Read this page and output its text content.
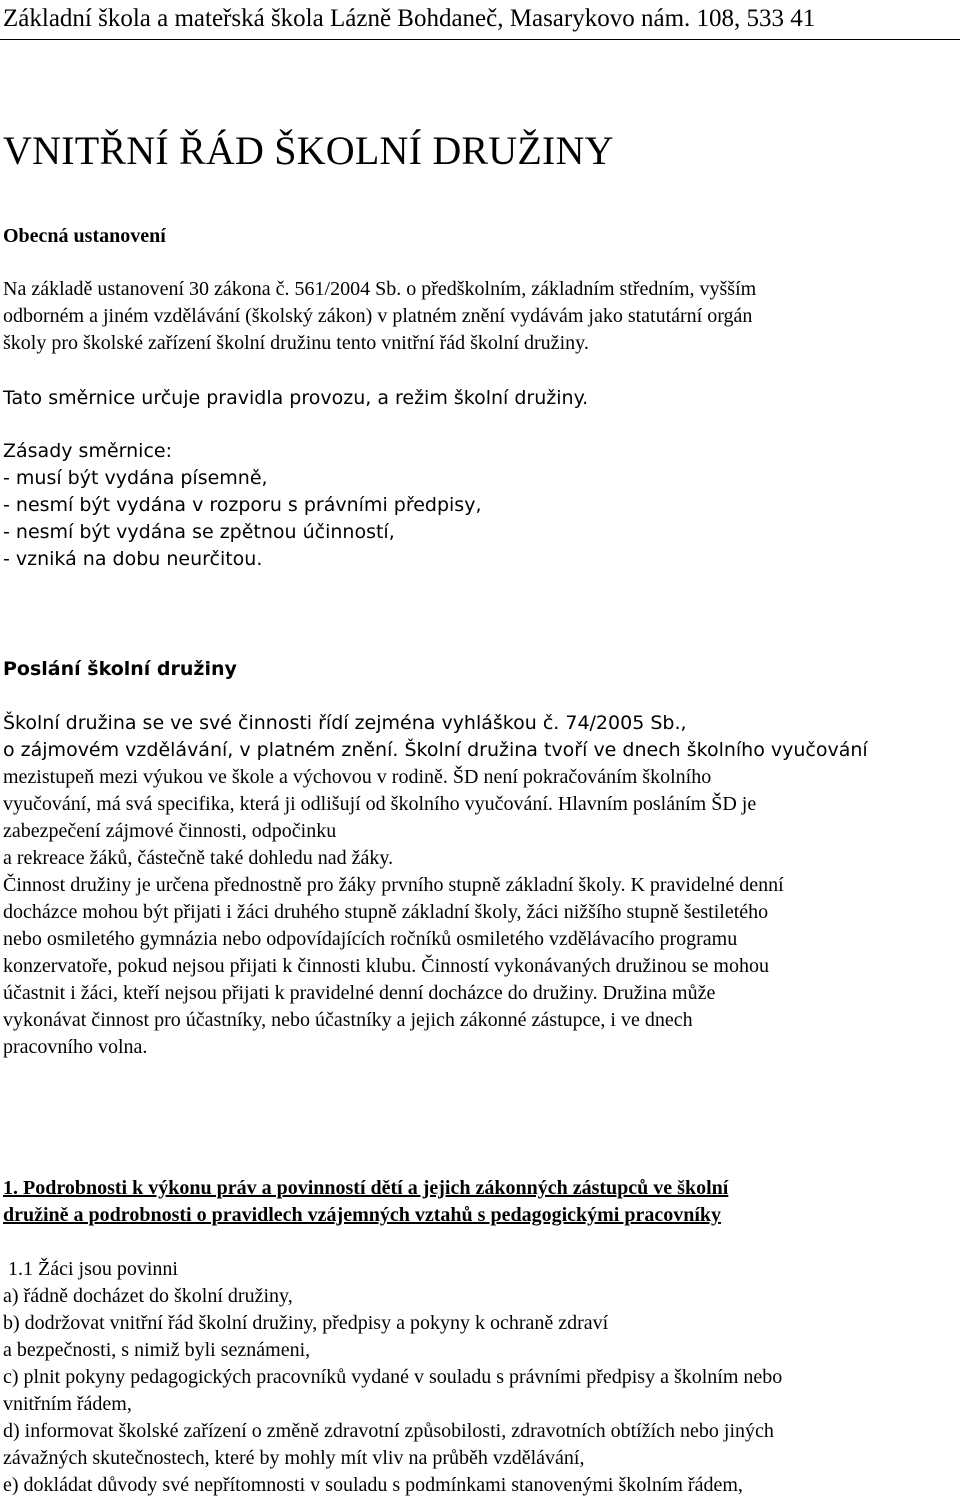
Základní škola a mateřská škola Lázně Bohdaneč, Masarykovo nám. 108, 533 41
VNITŘNÍ ŘÁD ŠKOLNÍ DRUŽINY
Obecná ustanovení
Na základě ustanovení 30 zákona č. 561/2004 Sb. o předškolním, základním středním, vyšším
odborném a jiném vzdělávání (školský zákon) v platném znění vydávám jako statutární orgán
školy pro školské zařízení školní družinu tento vnitřní řád školní družiny.
Tato směrnice určuje pravidla provozu, a režim školní družiny.
Zásady směrnice:
- musí být vydána písemně,
- nesmí být vydána v rozporu s právními předpisy,
- nesmí být vydána se zpětnou účinností,
- vzniká na dobu neurčitou.
Poslání školní družiny
Školní družina se ve své činnosti řídí zejména vyhláškou č. 74/2005 Sb.,
o zájmovém vzdělávání, v platném znění. Školní družina tvoří ve dnech školního vyučování
mezistupeň mezi výukou ve škole a výchovou v rodině. ŠD není pokračováním školního
vyučování, má svá specifika, která ji odlišují od školního vyučování. Hlavním posláním ŠD je
zabezpečení zájmové činnosti, odpočinku
a rekreace žáků, částečně také dohledu nad žáky.
Činnost družiny je určena přednostně pro žáky prvního stupně základní školy. K pravidelné denní
docházce mohou být přijati i žáci druhého stupně základní školy, žáci nižšího stupně šestiletého
nebo osmiletého gymnázia nebo odpovídajících ročníků osmiletého vzdělávacího programu
konzervatoře, pokud nejsou přijati k činnosti klubu. Činností vykonávaných družinou se mohou
účastnit i žáci, kteří nejsou přijati k pravidelné denní docházce do družiny. Družina může
vykonávat činnost pro účastníky, nebo účastníky a jejich zákonné zástupce, i ve dnech
pracovního volna.
1. Podrobnosti k výkonu práv a povinností dětí a jejich zákonných zástupců ve školní
družině a podrobnosti o pravidlech vzájemných vztahů s pedagogickými pracovníky
1.1 Žáci jsou povinni
a) řádně docházet do školní družiny,
b) dodržovat vnitřní řád školní družiny, předpisy a pokyny k ochraně zdraví
a bezpečnosti, s nimiž byli seznámeni,
c) plnit pokyny pedagogických pracovníků vydané v souladu s právními předpisy a školním nebo
vnitřním řádem,
d) informovat školské zařízení o změně zdravotní způsobilosti, zdravotních obtížích nebo jiných
závažných skutečnostech, které by mohly mít vliv na průběh vzdělávání,
e) dokládat důvody své nepřítomnosti v souladu s podmínkami stanovenými školním řádem,
